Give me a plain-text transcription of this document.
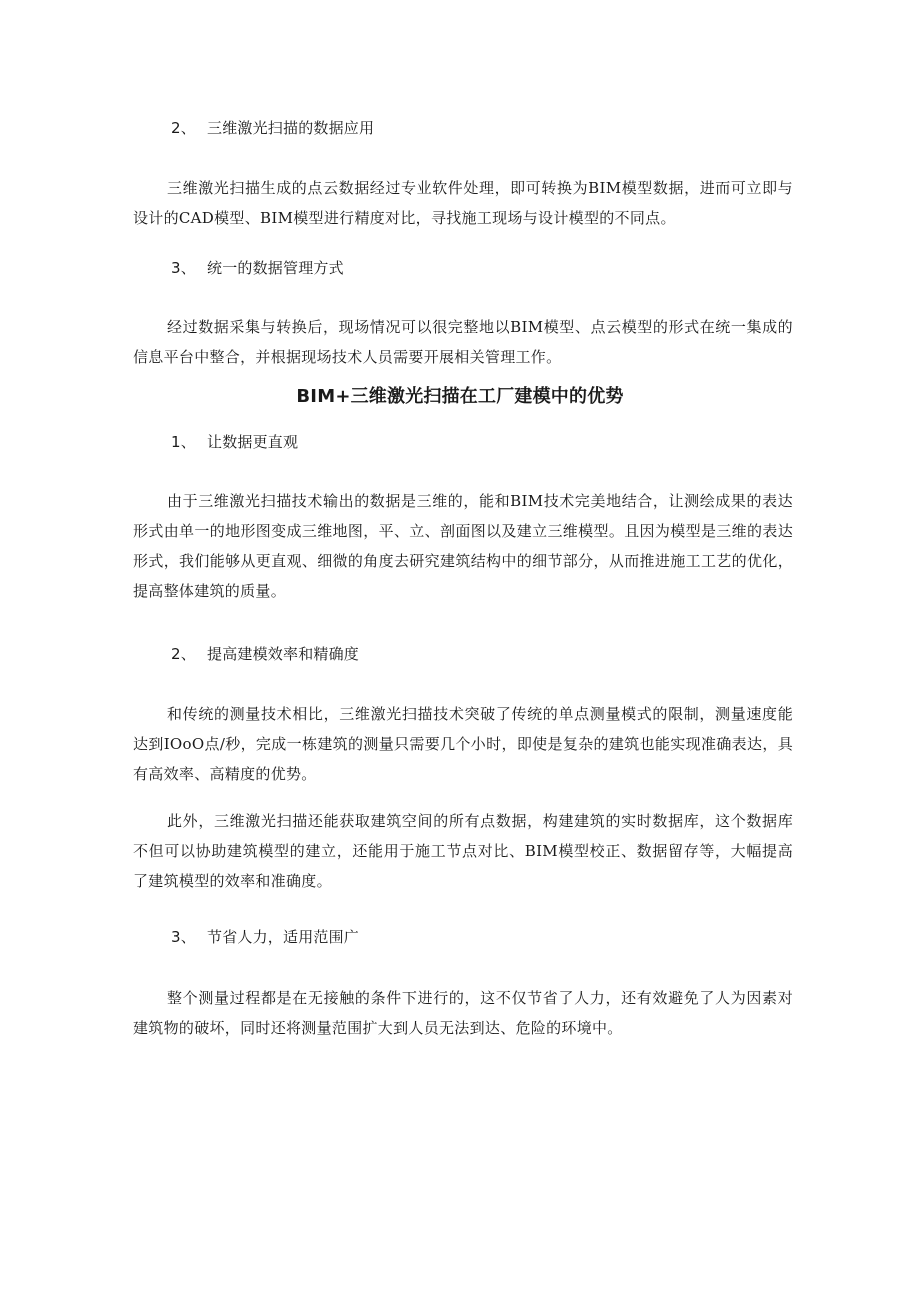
2、 三维激光扫描的数据应用
三维激光扫描生成的点云数据经过专业软件处理，即可转换为BIM模型数据，进而可立即与设计的CAD模型、BIM模型进行精度对比，寻找施工现场与设计模型的不同点。
3、 统一的数据管理方式
经过数据采集与转换后，现场情况可以很完整地以BIM模型、点云模型的形式在统一集成的信息平台中整合，并根据现场技术人员需要开展相关管理工作。
BIM+三维激光扫描在工厂建模中的优势
1、 让数据更直观
由于三维激光扫描技术输出的数据是三维的，能和BIM技术完美地结合，让测绘成果的表达形式由单一的地形图变成三维地图，平、立、剖面图以及建立三维模型。且因为模型是三维的表达形式，我们能够从更直观、细微的角度去研究建筑结构中的细节部分，从而推进施工工艺的优化，提高整体建筑的质量。
2、 提高建模效率和精确度
和传统的测量技术相比，三维激光扫描技术突破了传统的单点测量模式的限制，测量速度能达到IOoO点/秒，完成一栋建筑的测量只需要几个小时，即使是复杂的建筑也能实现准确表达，具有高效率、高精度的优势。
此外，三维激光扫描还能获取建筑空间的所有点数据，构建建筑的实时数据库，这个数据库不但可以协助建筑模型的建立，还能用于施工节点对比、BIM模型校正、数据留存等，大幅提高了建筑模型的效率和准确度。
3、 节省人力，适用范围广
整个测量过程都是在无接触的条件下进行的，这不仅节省了人力，还有效避免了人为因素对建筑物的破坏，同时还将测量范围扩大到人员无法到达、危险的环境中。
